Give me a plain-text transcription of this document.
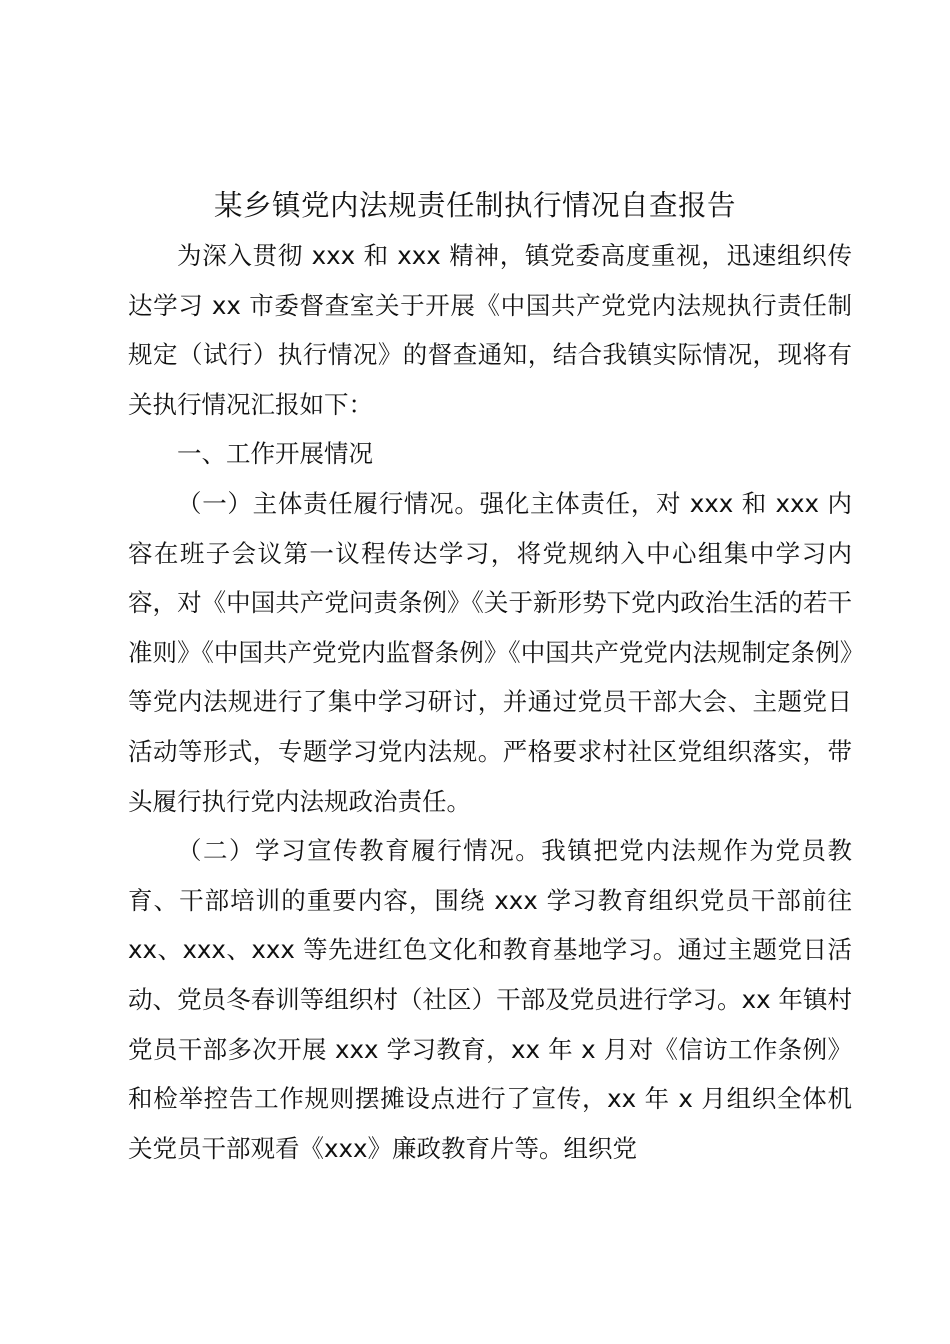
某乡镇党内法规责任制执行情况自查报告

为深入贯彻 xxx 和 xxx 精神，镇党委高度重视，迅速组织传达学习 xx 市委督查室关于开展《中国共产党党内法规执行责任制规定（试行）执行情况》的督查通知，结合我镇实际情况，现将有关执行情况汇报如下：

一、工作开展情况

（一）主体责任履行情况。强化主体责任，对 xxx 和 xxx 内容在班子会议第一议程传达学习，将党规纳入中心组集中学习内容，对《中国共产党问责条例》《关于新形势下党内政治生活的若干准则》《中国共产党党内监督条例》《中国共产党党内法规制定条例》等党内法规进行了集中学习研讨，并通过党员干部大会、主题党日活动等形式，专题学习党内法规。严格要求村社区党组织落实，带头履行执行党内法规政治责任。

（二）学习宣传教育履行情况。我镇把党内法规作为党员教育、干部培训的重要内容，围绕 xxx 学习教育组织党员干部前往 xx、xxx、xxx 等先进红色文化和教育基地学习。通过主题党日活动、党员冬春训等组织村（社区）干部及党员进行学习。xx 年镇村党员干部多次开展 xxx 学习教育，xx 年 x 月对《信访工作条例》和检举控告工作规则摆摊设点进行了宣传，xx 年 x 月组织全体机关党员干部观看《xxx》廉政教育片等。组织党
